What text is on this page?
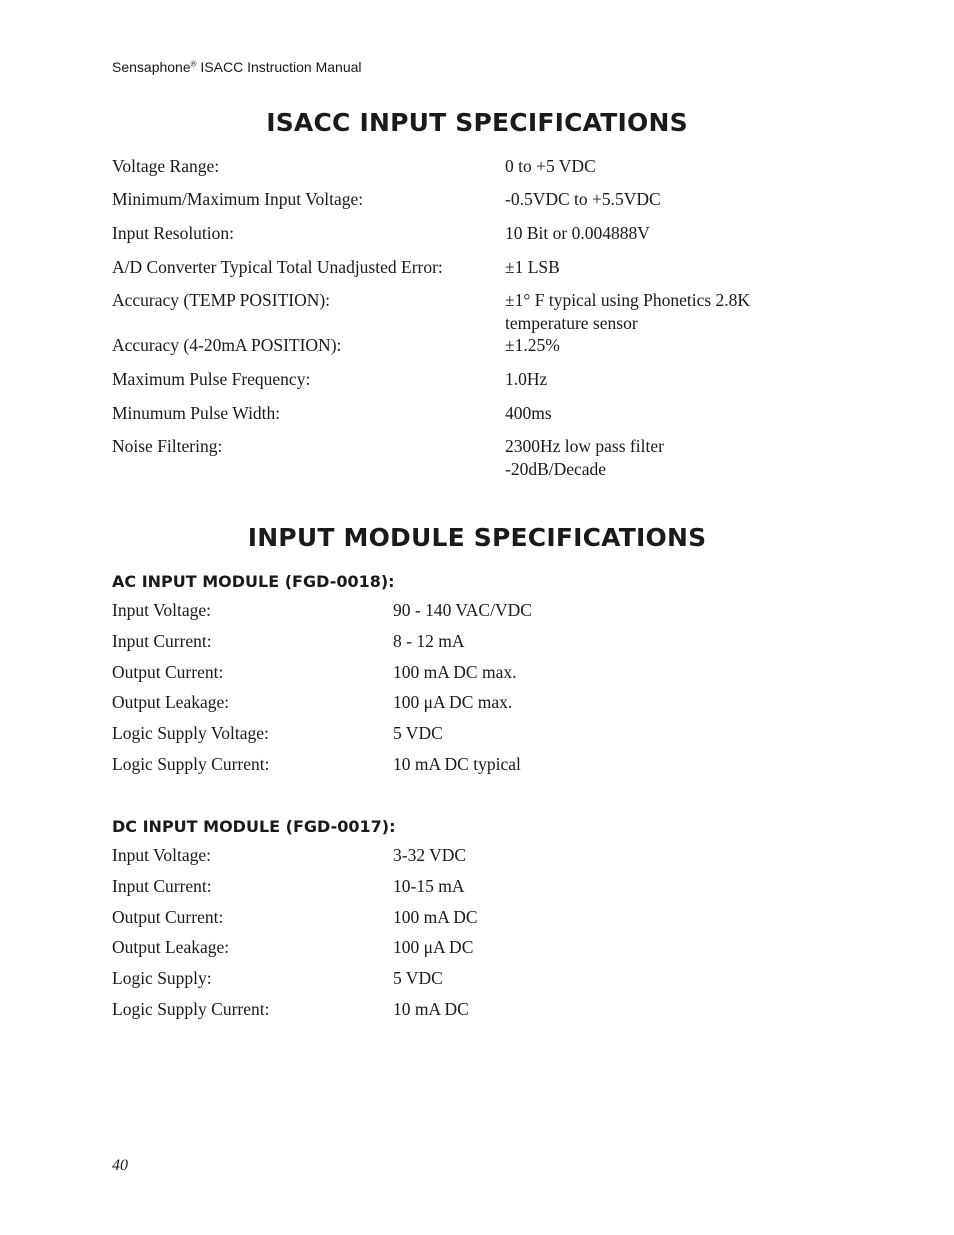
Sensaphone® ISACC Instruction Manual
ISACC INPUT SPECIFICATIONS
Voltage Range:	0 to +5 VDC
Minimum/Maximum Input Voltage:	-0.5VDC to +5.5VDC
Input Resolution:	10 Bit or 0.004888V
A/D Converter Typical Total Unadjusted Error:	±1 LSB
Accuracy (TEMP POSITION):	±1° F typical using Phonetics 2.8K
temperature sensor
Accuracy (4-20mA POSITION):	±1.25%
Maximum Pulse Frequency:	1.0Hz
Minumum Pulse Width:	400ms
Noise Filtering:	2300Hz low pass filter
-20dB/Decade
INPUT MODULE SPECIFICATIONS
AC INPUT MODULE (FGD-0018):
Input Voltage:	90 - 140 VAC/VDC
Input Current:	8 - 12 mA
Output Current:	100 mA DC max.
Output Leakage:	100 μA DC max.
Logic Supply Voltage:	5 VDC
Logic Supply Current:	10 mA DC typical
DC INPUT MODULE (FGD-0017):
Input Voltage:	3-32 VDC
Input Current:	10-15 mA
Output Current:	100 mA DC
Output Leakage:	100 μA DC
Logic Supply:	5 VDC
Logic Supply Current:	10 mA DC
40
